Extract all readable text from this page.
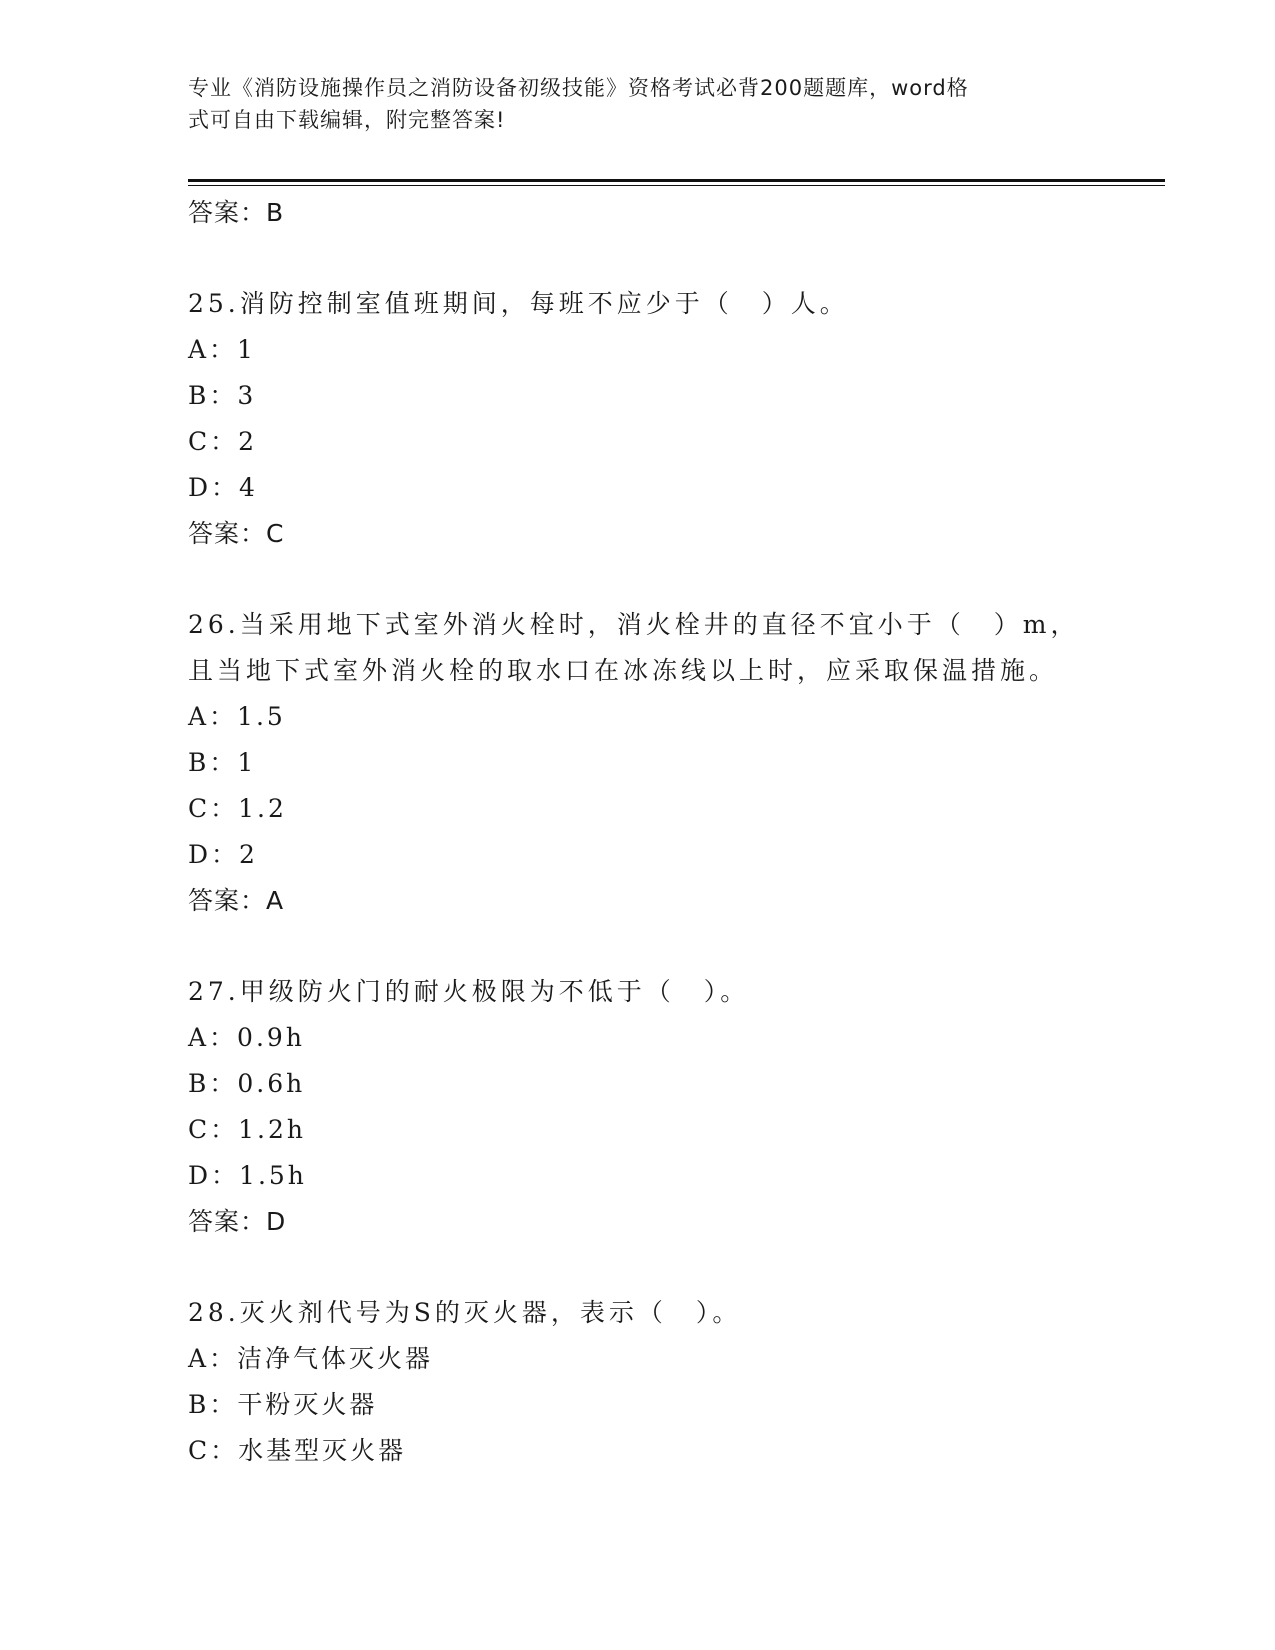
专业《消防设施操作员之消防设备初级技能》资格考试必背200题题库，word格
式可自由下载编辑，附完整答案!
答案：B
25.消防控制室值班期间，每班不应少于（　）人。
A：1
B：3
C：2
D：4
答案：C
26.当采用地下式室外消火栓时，消火栓井的直径不宜小于（　）m，
且当地下式室外消火栓的取水口在冰冻线以上时，应采取保温措施。
A：1.5
B：1
C：1.2
D：2
答案：A
27.甲级防火门的耐火极限为不低于（　）。
A：0.9h
B：0.6h
C：1.2h
D：1.5h
答案：D
28.灭火剂代号为S的灭火器，表示（　）。
A：洁净气体灭火器
B：干粉灭火器
C：水基型灭火器
